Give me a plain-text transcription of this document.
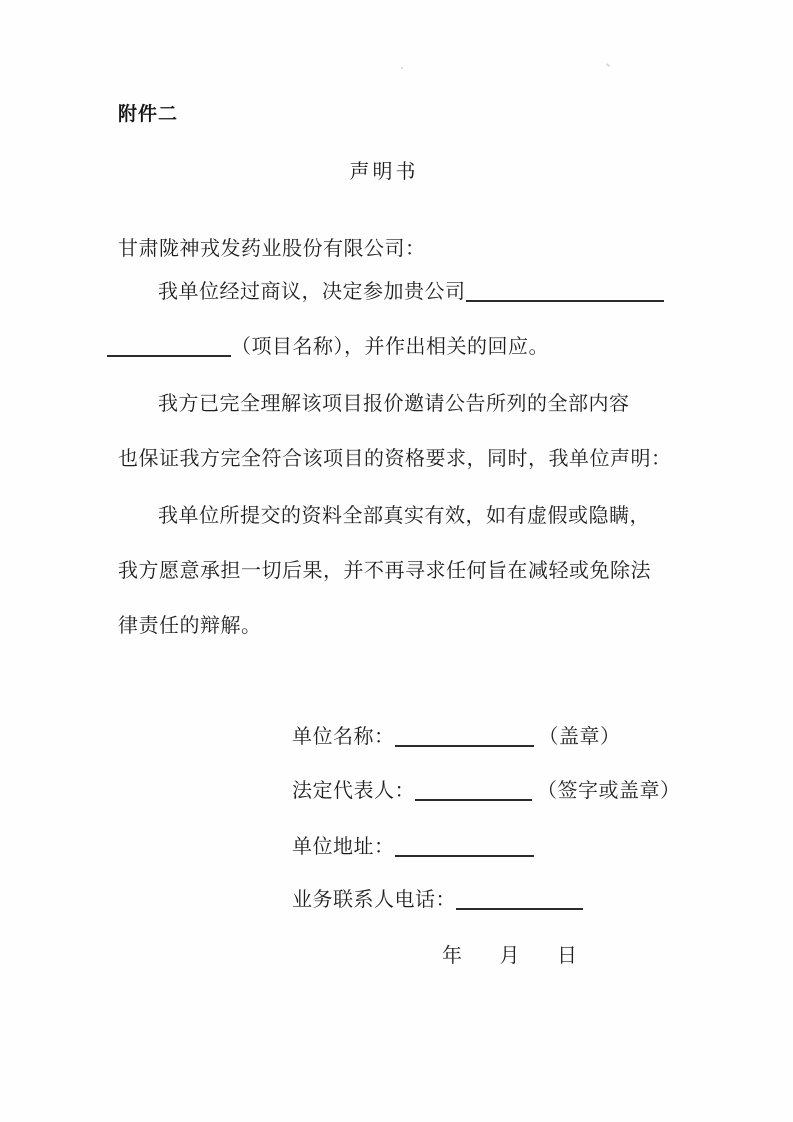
附件二
声明书
甘肃陇神戎发药业股份有限公司：
我单位经过商议，决定参加贵公司
（项目名称），并作出相关的回应。
我方已完全理解该项目报价邀请公告所列的全部内容
也保证我方完全符合该项目的资格要求，同时，我单位声明：
我单位所提交的资料全部真实有效，如有虚假或隐瞒，
我方愿意承担一切后果，并不再寻求任何旨在减轻或免除法
律责任的辩解。
单位名称：	（盖章）
法定代表人：	（签字或盖章）
单位地址：
业务联系人电话：
年 月 日
